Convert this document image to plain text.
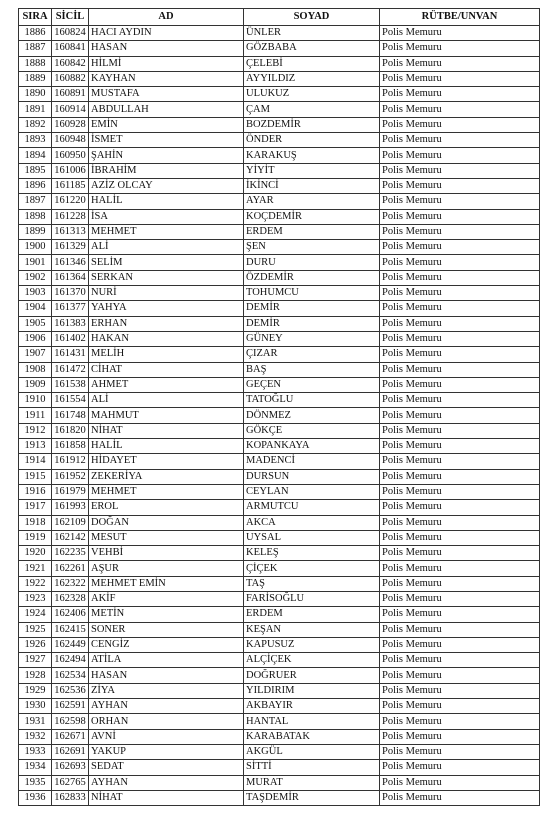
SIRA	SİCİL	AD	SOYAD	RÜTBE/UNVAN
1886	160824	HACI AYDIN	ÜNLER	Polis Memuru
1887	160841	HASAN	GÖZBABA	Polis Memuru
1888	160842	HİLMİ	ÇELEBİ	Polis Memuru
1889	160882	KAYHAN	AYYILDIZ	Polis Memuru
1890	160891	MUSTAFA	ULUKUZ	Polis Memuru
1891	160914	ABDULLAH	ÇAM	Polis Memuru
1892	160928	EMİN	BOZDEMİR	Polis Memuru
1893	160948	İSMET	ÖNDER	Polis Memuru
1894	160950	ŞAHİN	KARAKUŞ	Polis Memuru
1895	161006	İBRAHİM	YİYİT	Polis Memuru
1896	161185	AZİZ OLCAY	İKİNCİ	Polis Memuru
1897	161220	HALİL	AYAR	Polis Memuru
1898	161228	İSA	KOÇDEMİR	Polis Memuru
1899	161313	MEHMET	ERDEM	Polis Memuru
1900	161329	ALİ	ŞEN	Polis Memuru
1901	161346	SELİM	DURU	Polis Memuru
1902	161364	SERKAN	ÖZDEMİR	Polis Memuru
1903	161370	NURİ	TOHUMCU	Polis Memuru
1904	161377	YAHYA	DEMİR	Polis Memuru
1905	161383	ERHAN	DEMİR	Polis Memuru
1906	161402	HAKAN	GÜNEY	Polis Memuru
1907	161431	MELİH	ÇIZAR	Polis Memuru
1908	161472	CİHAT	BAŞ	Polis Memuru
1909	161538	AHMET	GEÇEN	Polis Memuru
1910	161554	ALİ	TATOĞLU	Polis Memuru
1911	161748	MAHMUT	DÖNMEZ	Polis Memuru
1912	161820	NİHAT	GÖKÇE	Polis Memuru
1913	161858	HALİL	KOPANKAYA	Polis Memuru
1914	161912	HİDAYET	MADENCİ	Polis Memuru
1915	161952	ZEKERİYA	DURSUN	Polis Memuru
1916	161979	MEHMET	CEYLAN	Polis Memuru
1917	161993	EROL	ARMUTCU	Polis Memuru
1918	162109	DOĞAN	AKCA	Polis Memuru
1919	162142	MESUT	UYSAL	Polis Memuru
1920	162235	VEHBİ	KELEŞ	Polis Memuru
1921	162261	AŞUR	ÇİÇEK	Polis Memuru
1922	162322	MEHMET EMİN	TAŞ	Polis Memuru
1923	162328	AKİF	FARİSOĞLU	Polis Memuru
1924	162406	METİN	ERDEM	Polis Memuru
1925	162415	SONER	KEŞAN	Polis Memuru
1926	162449	CENGİZ	KAPUSUZ	Polis Memuru
1927	162494	ATİLA	ALÇİÇEK	Polis Memuru
1928	162534	HASAN	DOĞRUER	Polis Memuru
1929	162536	ZİYA	YILDIRIM	Polis Memuru
1930	162591	AYHAN	AKBAYIR	Polis Memuru
1931	162598	ORHAN	HANTAL	Polis Memuru
1932	162671	AVNİ	KARABATAK	Polis Memuru
1933	162691	YAKUP	AKGÜL	Polis Memuru
1934	162693	SEDAT	SİTTİ	Polis Memuru
1935	162765	AYHAN	MURAT	Polis Memuru
1936	162833	NİHAT	TAŞDEMİR	Polis Memuru
